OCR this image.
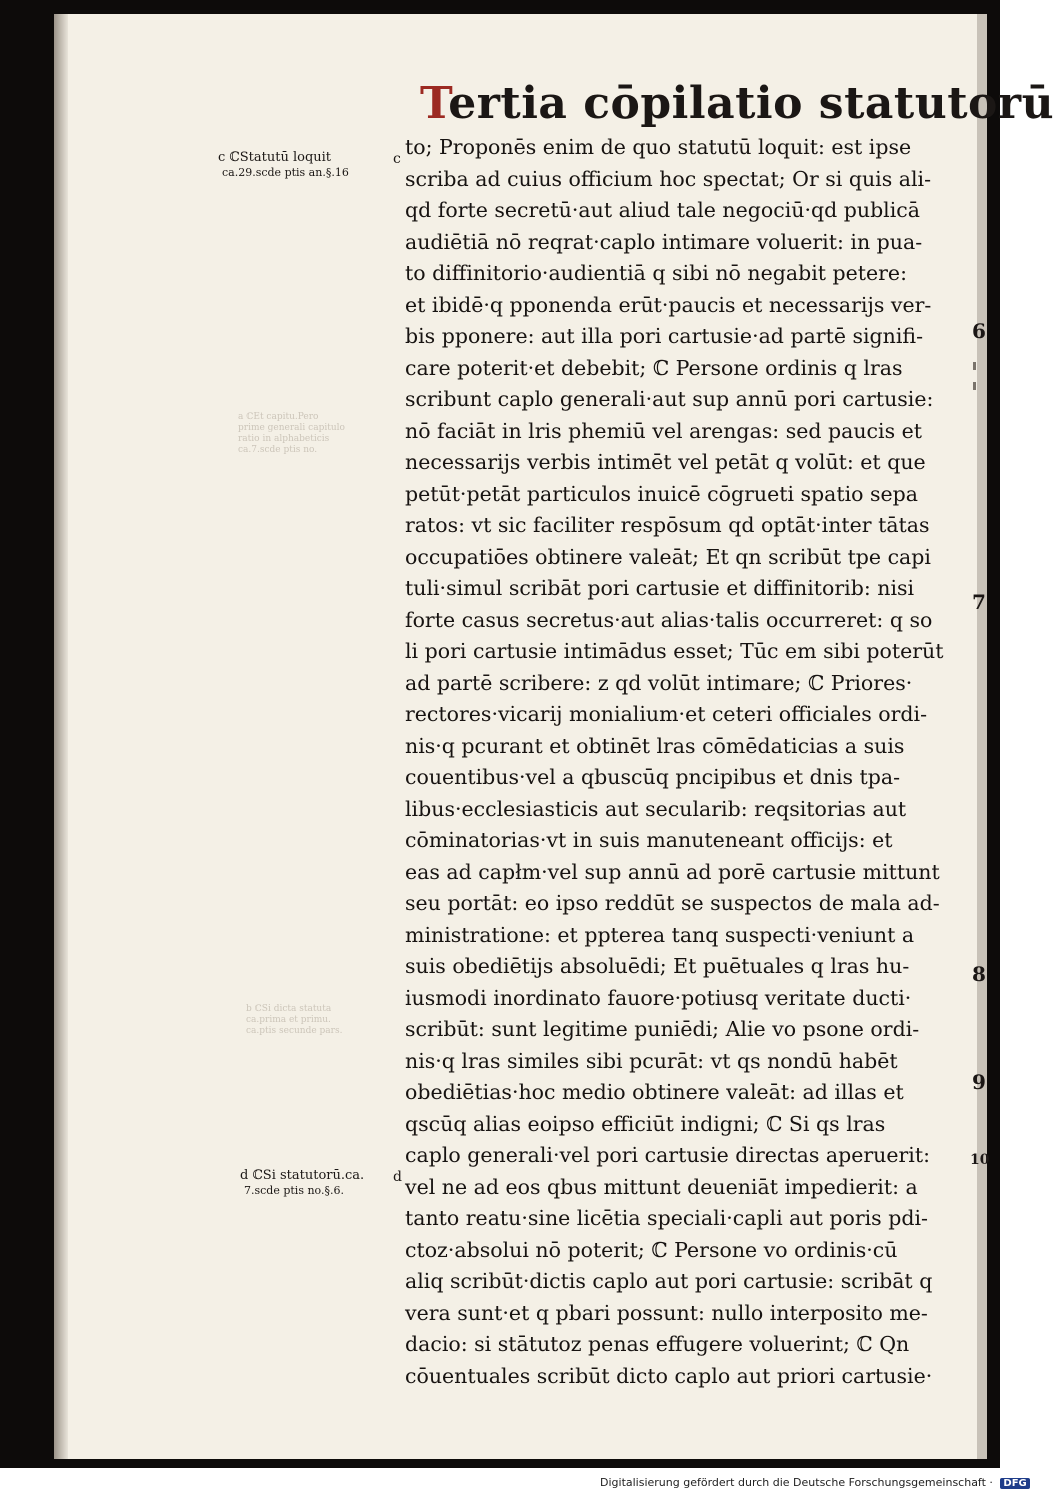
Tertia cōpilatio statutorū
c ℂStatutū loquit
ca.29.scde ptis an.§.16
a ℂEt capitu.Pero
prime generali capitulo
ratio in alphabeticis
ca.7.scde ptis no.
b ℂSi dicta statuta
ca.prima et primu.
ca.ptis secunde pars.
d ℂSi statutorū.ca.
7.scde ptis no.§.6.
c
d
6
7
8
9
10
to; Proponēs enim de quo statutū loquit: est ipse
scriba ad cuius officium hoc spectat; Or si quis ali-
qd forte secretū·aut aliud tale negociū·qd publicā
audiētiā nō reqrat·caplo intimare voluerit: in pua-
to diffinitorio·audientiā q sibi nō negabit petere:
et ibidē·q pponenda erūt·paucis et necessarijs ver-
bis pponere: aut illa pori cartusie·ad partē signifi-
care poterit·et debebit; ℂ Persone ordinis q lras
scribunt caplo generali·aut sup annū pori cartusie:
nō faciāt in lris phemiū vel arengas: sed paucis et
necessarijs verbis intimēt vel petāt q volūt: et que
petūt·petāt particulos inuicē cōgrueti spatio sepa
ratos: vt sic faciliter respōsum qd optāt·inter tātas
occupatiōes obtinere valeāt; Et qn scribūt tpe capi
tuli·simul scribāt pori cartusie et diffinitorib: nisi
forte casus secretus·aut alias·talis occurreret: q so
li pori cartusie intimādus esset; Tūc em sibi poterūt
ad partē scribere: z qd volūt intimare; ℂ Priores·
rectores·vicarij monialium·et ceteri officiales ordi-
nis·q pcurant et obtinēt lras cōmēdaticias a suis
couentibus·vel a qbuscūq pncipibus et dnis tpa-
libus·ecclesiasticis aut secularib: reqsitorias aut
cōminatorias·vt in suis manuteneant officijs: et
eas ad capłm·vel sup annū ad porē cartusie mittunt
seu portāt: eo ipso reddūt se suspectos de mala ad-
ministratione: et ppterea tanq suspecti·veniunt a
suis obediētijs absoluēdi; Et puētuales q lras hu-
iusmodi inordinato fauore·potiusq veritate ducti·
scribūt: sunt legitime puniēdi; Alie vo psone ordi-
nis·q lras similes sibi pcurāt: vt qs nondū habēt
obediētias·hoc medio obtinere valeāt: ad illas et
qscūq alias eoipso efficiūt indigni; ℂ Si qs lras
caplo generali·vel pori cartusie directas aperuerit:
vel ne ad eos qbus mittunt deueniāt impedierit: a
tanto reatu·sine licētia speciali·capli aut poris pdi-
ctoz·absolui nō poterit; ℂ Persone vo ordinis·cū
aliq scribūt·dictis caplo aut pori cartusie: scribāt q
vera sunt·et q pbari possunt: nullo interposito me-
dacio: si stātutoz penas effugere voluerint; ℂ Qn
cōuentuales scribūt dicto caplo aut priori cartusie·
Digitalisierung gefördert durch die Deutsche Forschungsgemeinschaft · DFG
